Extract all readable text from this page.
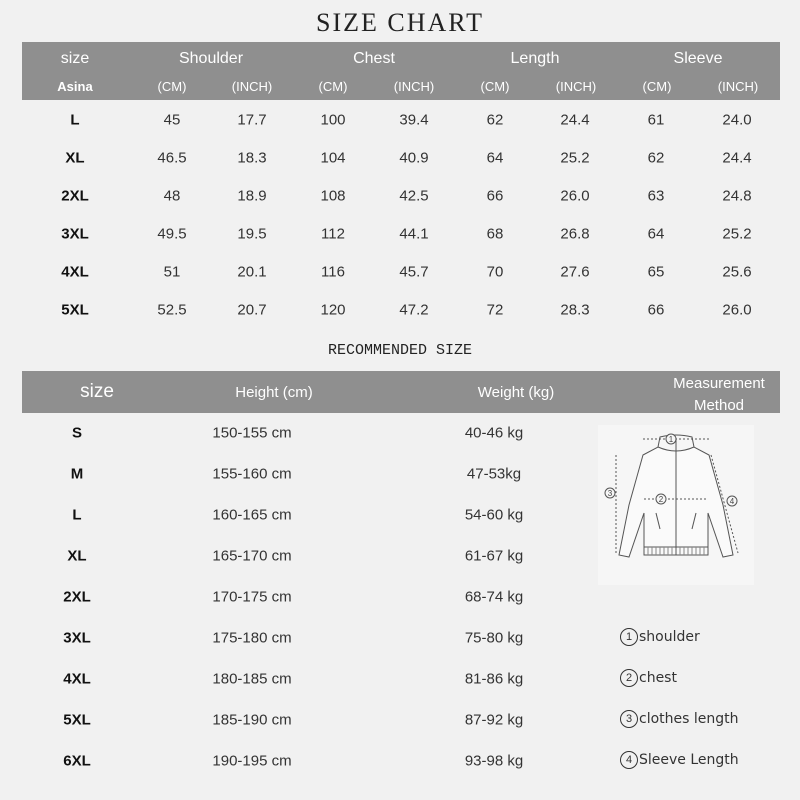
SIZE CHART
size	Shoulder	Chest	Length	Sleeve
Asina	(CM)	(INCH)	(CM)	(INCH)	(CM)	(INCH)	(CM)	(INCH)
L	45	17.7	100	39.4	62	24.4	61	24.0
XL	46.5	18.3	104	40.9	64	25.2	62	24.4
2XL	48	18.9	108	42.5	66	26.0	63	24.8
3XL	49.5	19.5	112	44.1	68	26.8	64	25.2
4XL	51	20.1	116	45.7	70	27.6	65	25.6
5XL	52.5	20.7	120	47.2	72	28.3	66	26.0
RECOMMENDED SIZE
size	Height (cm)	Weight (kg)
Measurement Method
S	150-155 cm	40-46 kg
M	155-160 cm	47-53kg
L	160-165 cm	54-60 kg
XL	165-170 cm	61-67 kg
2XL	170-175 cm	68-74 kg
3XL	175-180 cm	75-80 kg
4XL	180-185 cm	81-86 kg
5XL	185-190 cm	87-92 kg
6XL	190-195 cm	93-98 kg
1
2
3
4
1 shoulder
2 chest
3 clothes length
4 Sleeve Length
